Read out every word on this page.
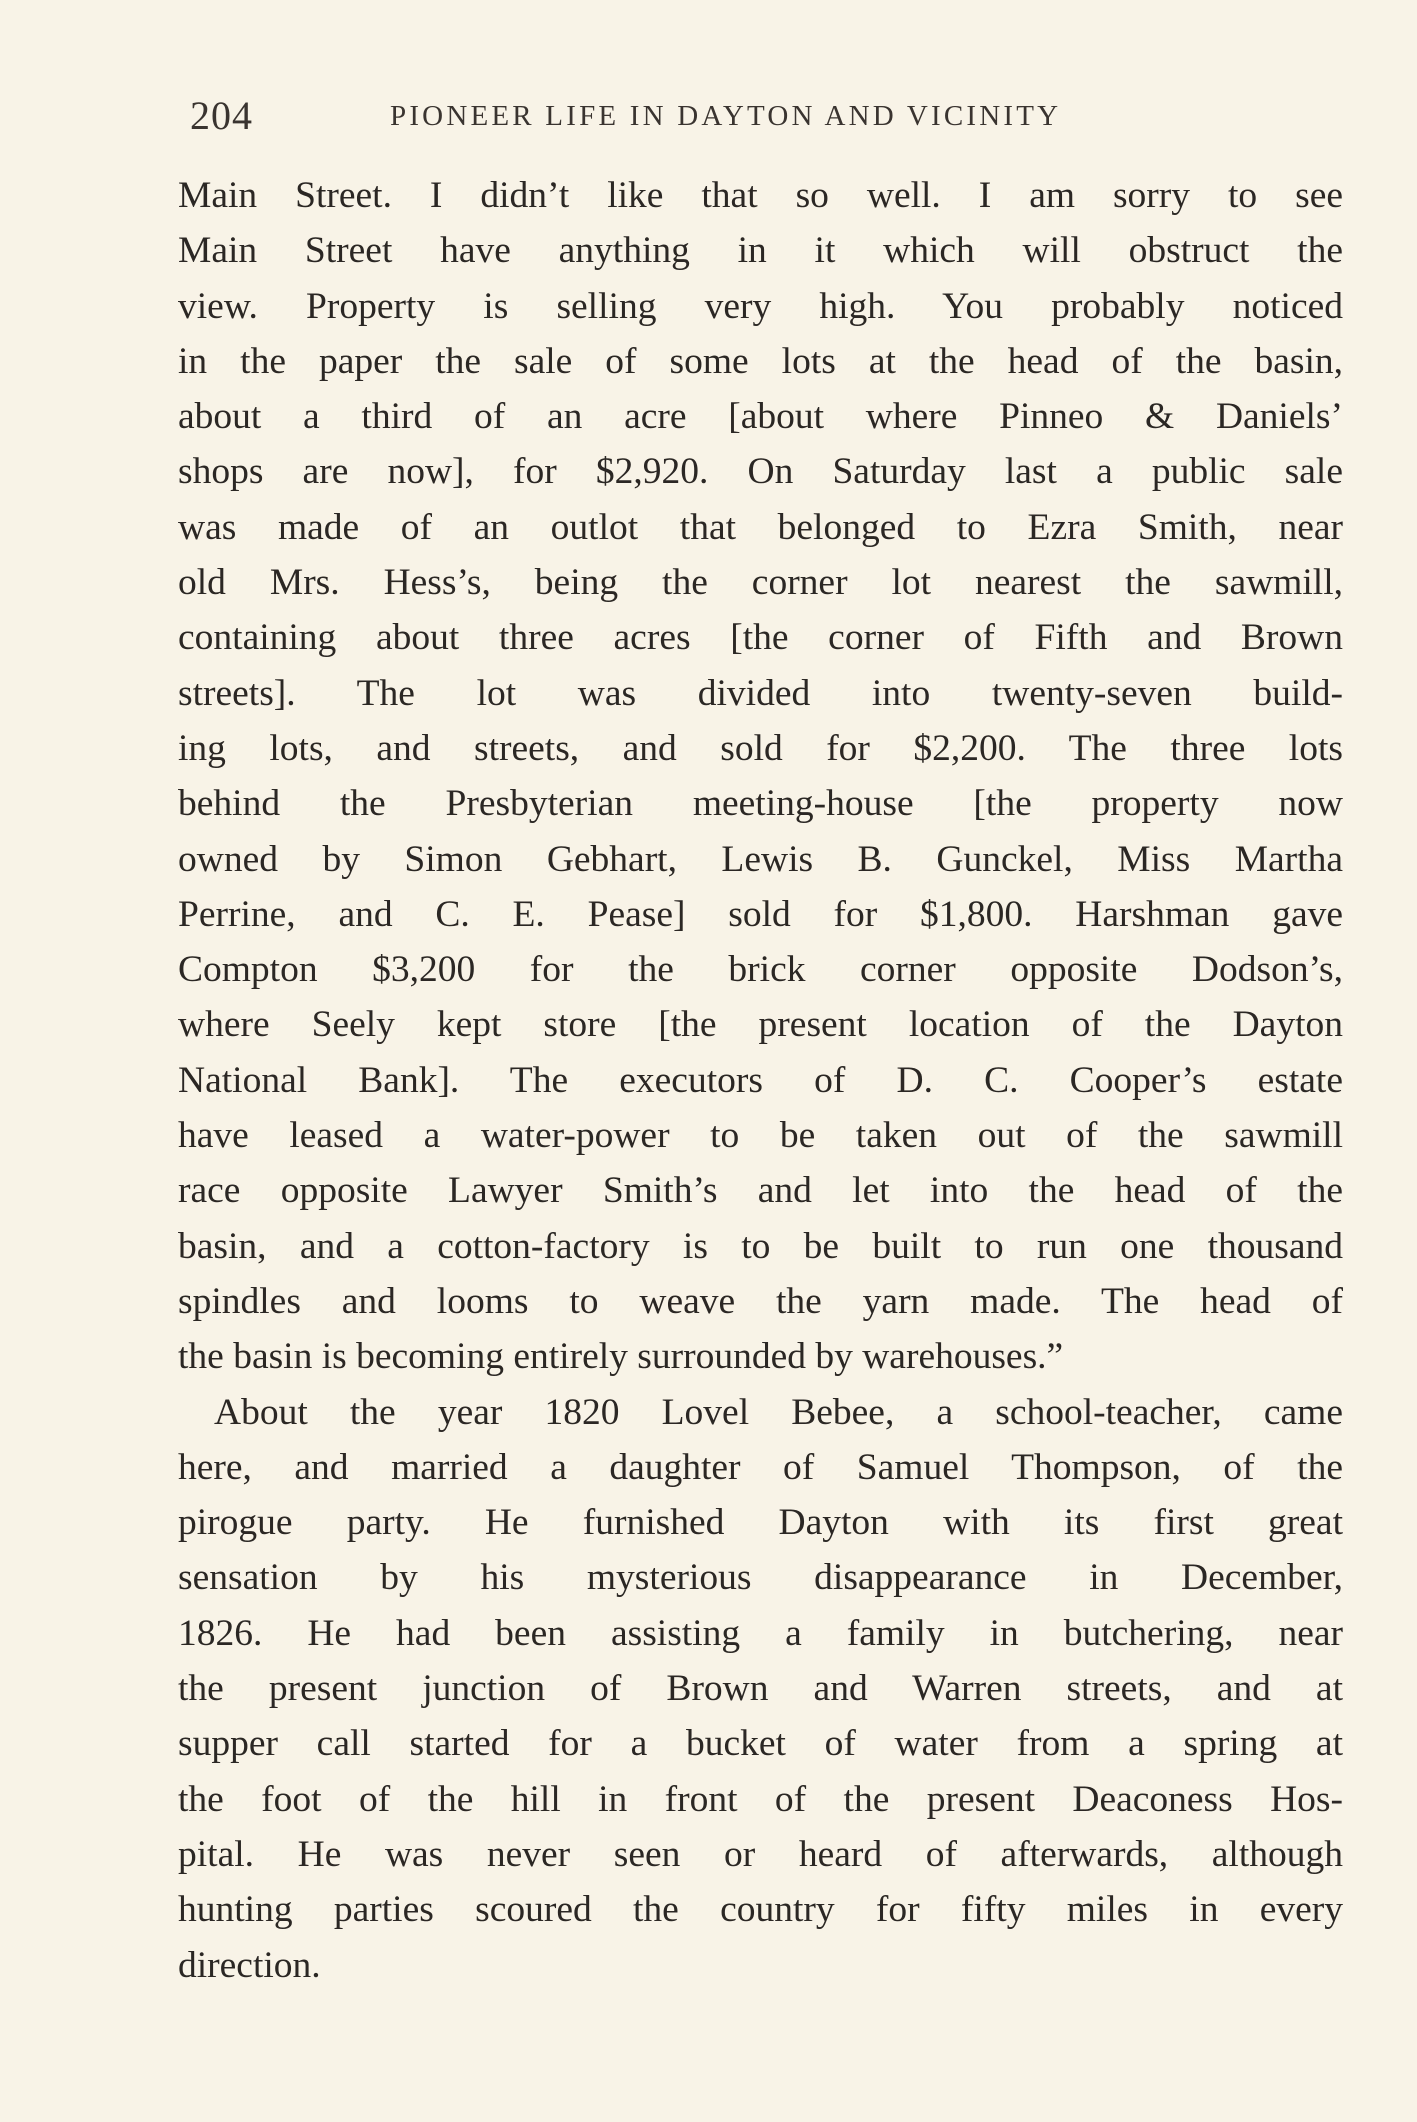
204	PIONEER LIFE IN DAYTON AND VICINITY
Main Street. I didn’t like that so well. I am sorry to see
Main Street have anything in it which will obstruct the
view. Property is selling very high. You probably noticed
in the paper the sale of some lots at the head of the basin,
about a third of an acre [about where Pinneo & Daniels’
shops are now], for $2,920. On Saturday last a public sale
was made of an outlot that belonged to Ezra Smith, near
old Mrs. Hess’s, being the corner lot nearest the sawmill,
containing about three acres [the corner of Fifth and Brown
streets]. The lot was divided into twenty-seven build-
ing lots, and streets, and sold for $2,200. The three lots
behind the Presbyterian meeting-house [the property now
owned by Simon Gebhart, Lewis B. Gunckel, Miss Martha
Perrine, and C. E. Pease] sold for $1,800. Harshman gave
Compton $3,200 for the brick corner opposite Dodson’s,
where Seely kept store [the present location of the Dayton
National Bank]. The executors of D. C. Cooper’s estate
have leased a water-power to be taken out of the sawmill
race opposite Lawyer Smith’s and let into the head of the
basin, and a cotton-factory is to be built to run one thousand
spindles and looms to weave the yarn made. The head of
the basin is becoming entirely surrounded by warehouses.”
About the year 1820 Lovel Bebee, a school-teacher, came
here, and married a daughter of Samuel Thompson, of the
pirogue party. He furnished Dayton with its first great
sensation by his mysterious disappearance in December,
1826. He had been assisting a family in butchering, near
the present junction of Brown and Warren streets, and at
supper call started for a bucket of water from a spring at
the foot of the hill in front of the present Deaconess Hos-
pital. He was never seen or heard of afterwards, although
hunting parties scoured the country for fifty miles in every
direction.
